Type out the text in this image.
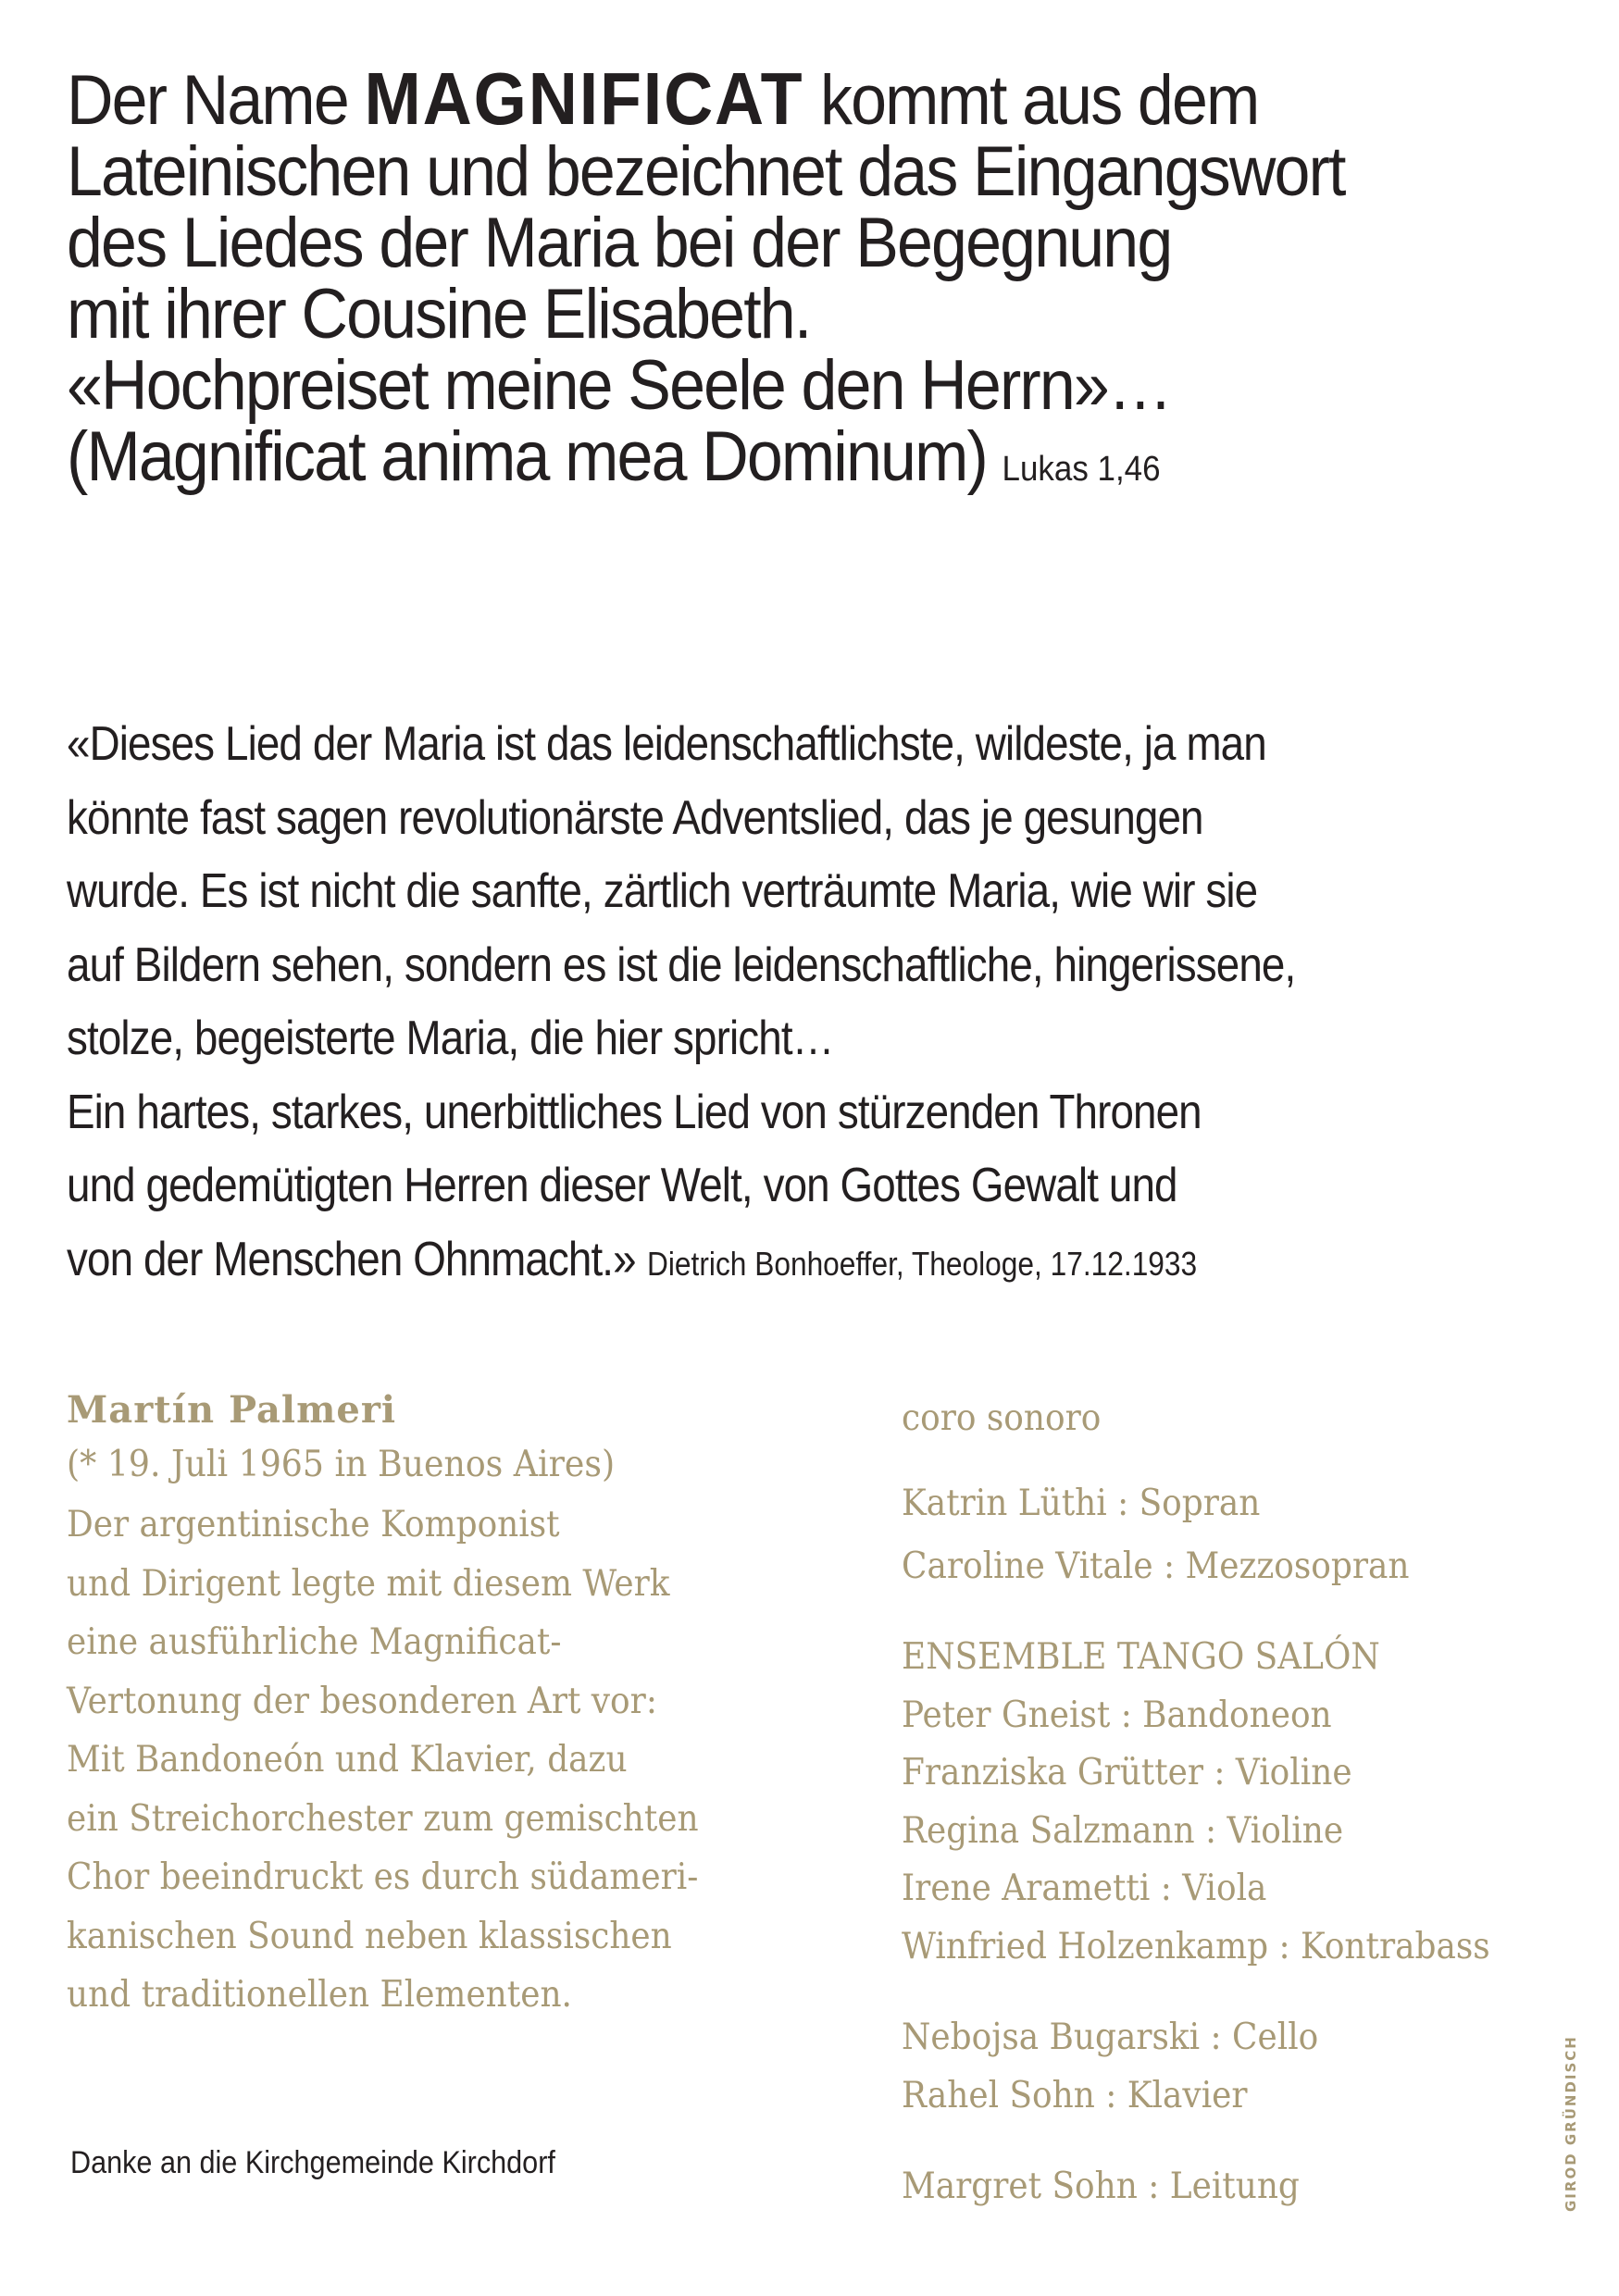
Der Name MAGNIFICAT kommt aus dem
Lateinischen und bezeichnet das Eingangswort
des Liedes der Maria bei der Begegnung
mit ihrer Cousine Elisabeth.
«Hochpreiset meine Seele den Herrn»…
(Magnificat anima mea Dominum) Lukas 1,46
«Dieses Lied der Maria ist das leidenschaftlichste, wildeste, ja man
könnte fast sagen revolutionärste Adventslied, das je gesungen
wurde. Es ist nicht die sanfte, zärtlich verträumte Maria, wie wir sie
auf Bildern sehen, sondern es ist die leidenschaftliche, hingerissene,
stolze, begeisterte Maria, die hier spricht…
Ein hartes, starkes, unerbittliches Lied von stürzenden Thronen
und gedemütigten Herren dieser Welt, von Gottes Gewalt und
von der Menschen Ohnmacht.» Dietrich Bonhoeffer, Theologe, 17.12.1933

Martín Palmeri

(* 19. Juli 1965 in Buenos Aires)

Der argentinische Komponist
und Dirigent legte mit diesem Werk
eine ausführliche Magnificat-
Vertonung der besonderen Art vor:
Mit Bandoneón und Klavier, dazu
ein Streichorchester zum gemischten
Chor beeindruckt es durch südameri-
kanischen Sound neben klassischen
und traditionellen Elementen.

Danke an die Kirchgemeinde Kirchdorf
coro sonoro
Katrin Lüthi : Sopran
Caroline Vitale : Mezzosopran
ENSEMBLE TANGO SALÓN
Peter Gneist : Bandoneon
Franziska Grütter : Violine
Regina Salzmann : Violine
Irene Arametti : Viola
Winfried Holzenkamp : Kontrabass
Nebojsa Bugarski : Cello
Rahel Sohn : Klavier
Margret Sohn : Leitung	GIROD GRÜNDISCH
